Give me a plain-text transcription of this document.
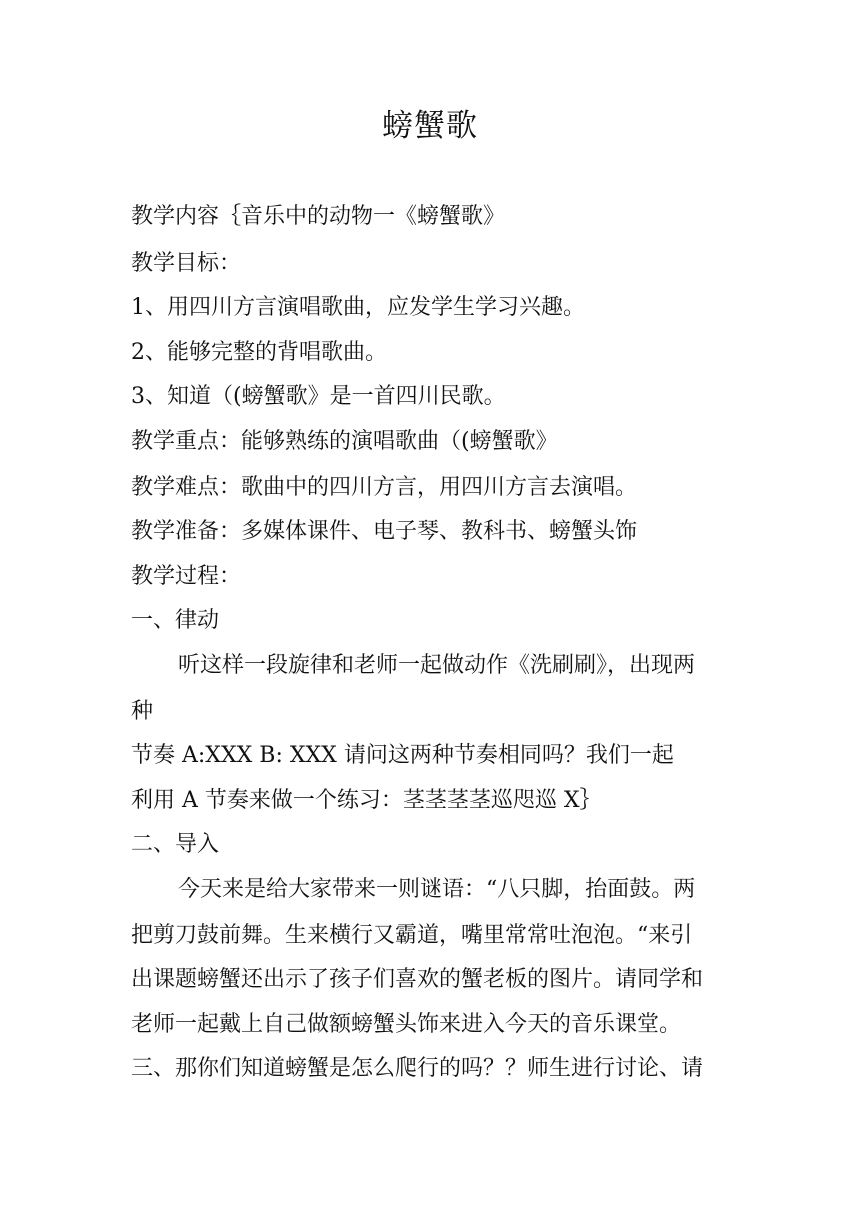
螃蟹歌
教学内容｛音乐中的动物一《螃蟹歌》
教学目标：
1、用四川方言演唱歌曲，应发学生学习兴趣。
2、能够完整的背唱歌曲。
3、知道（(螃蟹歌》是一首四川民歌。
教学重点：能够熟练的演唱歌曲（(螃蟹歌》
教学难点：歌曲中的四川方言，用四川方言去演唱。
教学准备：多媒体课件、电子琴、教科书、螃蟹头饰
教学过程：
一、律动
听这样一段旋律和老师一起做动作《洗刷刷》，出现两
种
节奏 A:XXX B: XXX 请问这两种节奏相同吗？我们一起
利用 A 节奏来做一个练习：茎茎茎茎巡咫巡 X｝
二、导入
今天来是给大家带来一则谜语：“八只脚，抬面鼓。两
把剪刀鼓前舞。生来横行又霸道，嘴里常常吐泡泡。“来引
出课题螃蟹还出示了孩子们喜欢的蟹老板的图片。请同学和
老师一起戴上自己做额螃蟹头饰来进入今天的音乐课堂。
三、那你们知道螃蟹是怎么爬行的吗？？师生进行讨论、请
